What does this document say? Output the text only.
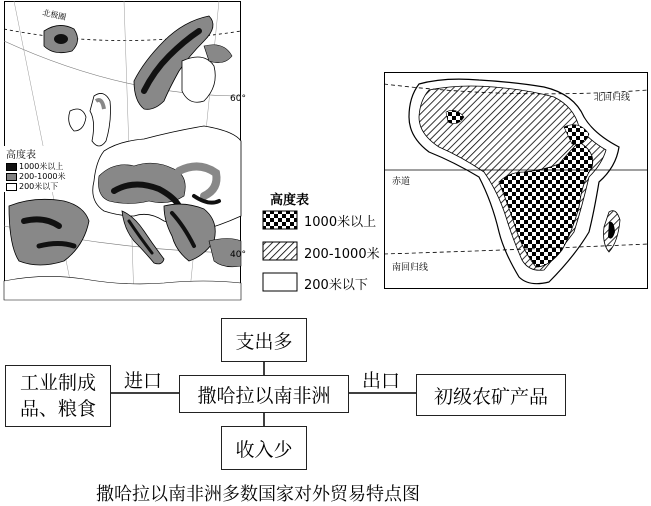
北极圈
60°
40°
高度表
1000米以上
200-1000米
200米以下
北回归线
赤道
南回归线
高度表
1000米以上
200-1000米
200米以下
支出多
撒哈拉以南非洲
收入少
工业制成
品、粮食
初级农矿产品
进口	出口
撒哈拉以南非洲多数国家对外贸易特点图
